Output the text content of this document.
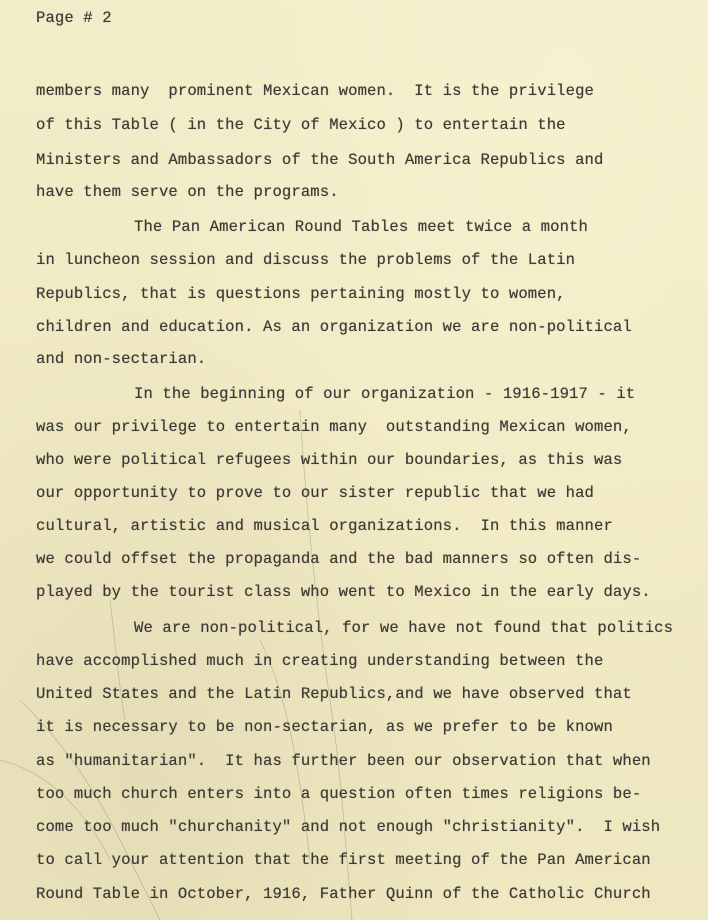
Page # 2
members many  prominent Mexican women.  It is the privilege
of this Table ( in the City of Mexico ) to entertain the
Ministers and Ambassadors of the South America Republics and
have them serve on the programs.
The Pan American Round Tables meet twice a month
in luncheon session and discuss the problems of the Latin
Republics, that is questions pertaining mostly to women,
children and education. As an organization we are non-political
and non-sectarian.
In the beginning of our organization - 1916-1917 - it
was our privilege to entertain many  outstanding Mexican women,
who were political refugees within our boundaries, as this was
our opportunity to prove to our sister republic that we had
cultural, artistic and musical organizations.  In this manner
we could offset the propaganda and the bad manners so often dis-
played by the tourist class who went to Mexico in the early days.
We are non-political, for we have not found that politics
have accomplished much in creating understanding between the
United States and the Latin Republics,and we have observed that
it is necessary to be non-sectarian, as we prefer to be known
as "humanitarian".  It has further been our observation that when
too much church enters into a question often times religions be-
come too much "churchanity" and not enough "christianity".  I wish
to call your attention that the first meeting of the Pan American
Round Table in October, 1916, Father Quinn of the Catholic Church
